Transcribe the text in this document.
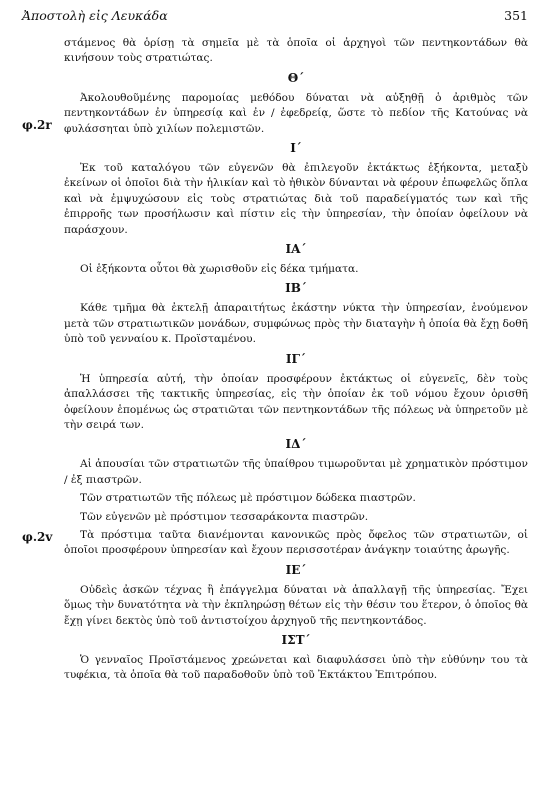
Ἀποστολὴ εἰς Λευκάδα	351
φ.2r
φ.2v

στάμενος θὰ ὁρίσῃ τὰ σημεῖα μὲ τὰ ὁποῖα οἱ ἀρχηγοὶ τῶν πεντηκοντάδων θὰ κινήσουν τοὺς στρατιώτας.

Θ΄

Ἀκολουθοῦμένης παρομοίας μεθόδου δύναται νὰ αὐξηθῇ ὁ ἀριθμὸς τῶν πεντηκοντάδων ἐν ὑπηρεσίᾳ καὶ ἐν / ἐφεδρείᾳ, ὥστε τὸ πεδίον τῆς Κατούνας νὰ φυλάσσηται ὑπὸ χιλίων πολεμιστῶν.

Ι΄

Ἐκ τοῦ καταλόγου τῶν εὐγενῶν θὰ ἐπιλεγοῦν ἐκτάκτως ἑξήκοντα, μεταξὺ ἐκείνων οἱ ὁποῖοι διὰ τὴν ἡλικίαν καὶ τὸ ἠθικὸν δύνανται νὰ φέρουν ἐπωφελῶς ὅπλα καὶ νὰ ἐμψυχώσουν εἰς τοὺς στρατιώτας διὰ τοῦ παραδείγματός των καὶ τῆς ἐπιρροῆς των προσήλωσιν καὶ πίστιν εἰς τὴν ὑπηρεσίαν, τὴν ὁποίαν ὀφείλουν νὰ παράσχουν.

ΙΑ΄

Οἱ ἑξήκοντα οὗτοι θὰ χωρισθοῦν εἰς δέκα τμήματα.

ΙΒ΄

Κάθε τμῆμα θὰ ἐκτελῇ ἀπαραιτήτως ἑκάστην νύκτα τὴν ὑπηρεσίαν, ἑνούμενον μετὰ τῶν στρατιωτικῶν μονάδων, συμφώνως πρὸς τὴν διαταγὴν ἡ ὁποία θὰ ἔχῃ δοθῆ ὑπὸ τοῦ γενναίου κ. Προϊσταμένου.

ΙΓ΄

Ἡ ὑπηρεσία αὐτή, τὴν ὁποίαν προσφέρουν ἐκτάκτως οἱ εὐγενεῖς, δὲν τοὺς ἀπαλλάσσει τῆς τακτικῆς ὑπηρεσίας, εἰς τὴν ὁποίαν ἐκ τοῦ νόμου ἔχουν ὁρισθῆ ὀφείλουν ἑπομένως ὡς στρατιῶται τῶν πεντηκοντάδων τῆς πόλεως νὰ ὑπηρετοῦν μὲ τὴν σειρά των.

ΙΔ΄

Αἱ ἀπουσίαι τῶν στρατιωτῶν τῆς ὑπαίθρου τιμωροῦνται μὲ χρηματικὸν πρόστιμον / ἐξ πιαστρῶν.

Τῶν στρατιωτῶν τῆς πόλεως μὲ πρόστιμον δώδεκα πιαστρῶν.

Τῶν εὐγενῶν μὲ πρόστιμον τεσσαράκοντα πιαστρῶν.

Τὰ πρόστιμα ταῦτα διανέμονται κανονικῶς πρὸς ὄφελος τῶν στρατιωτῶν, οἱ ὁποῖοι προσφέρουν ὑπηρεσίαν καὶ ἔχουν περισσοτέραν ἀνάγκην τοιαύτης ἀρωγῆς.

ΙΕ΄

Οὐδεὶς ἀσκῶν τέχνας ἢ ἐπάγγελμα δύναται νὰ ἀπαλλαγῇ τῆς ὑπηρεσίας. Ἔχει ὅμως τὴν δυνατότητα νὰ τὴν ἐκπληρώσῃ θέτων εἰς τὴν θέσιν του ἕτερον, ὁ ὁποῖος θὰ ἔχῃ γίνει δεκτὸς ὑπὸ τοῦ ἀντιστοίχου ἀρχηγοῦ τῆς πεντηκοντάδος.

ΙΣΤ΄

Ὁ γενναῖος Προϊστάμενος χρεώνεται καὶ διαφυλάσσει ὑπὸ τὴν εὐθύνην του τὰ τυφέκια, τὰ ὁποῖα θὰ τοῦ παραδοθοῦν ὑπὸ τοῦ Ἐκτάκτου Ἐπιτρόπου.
